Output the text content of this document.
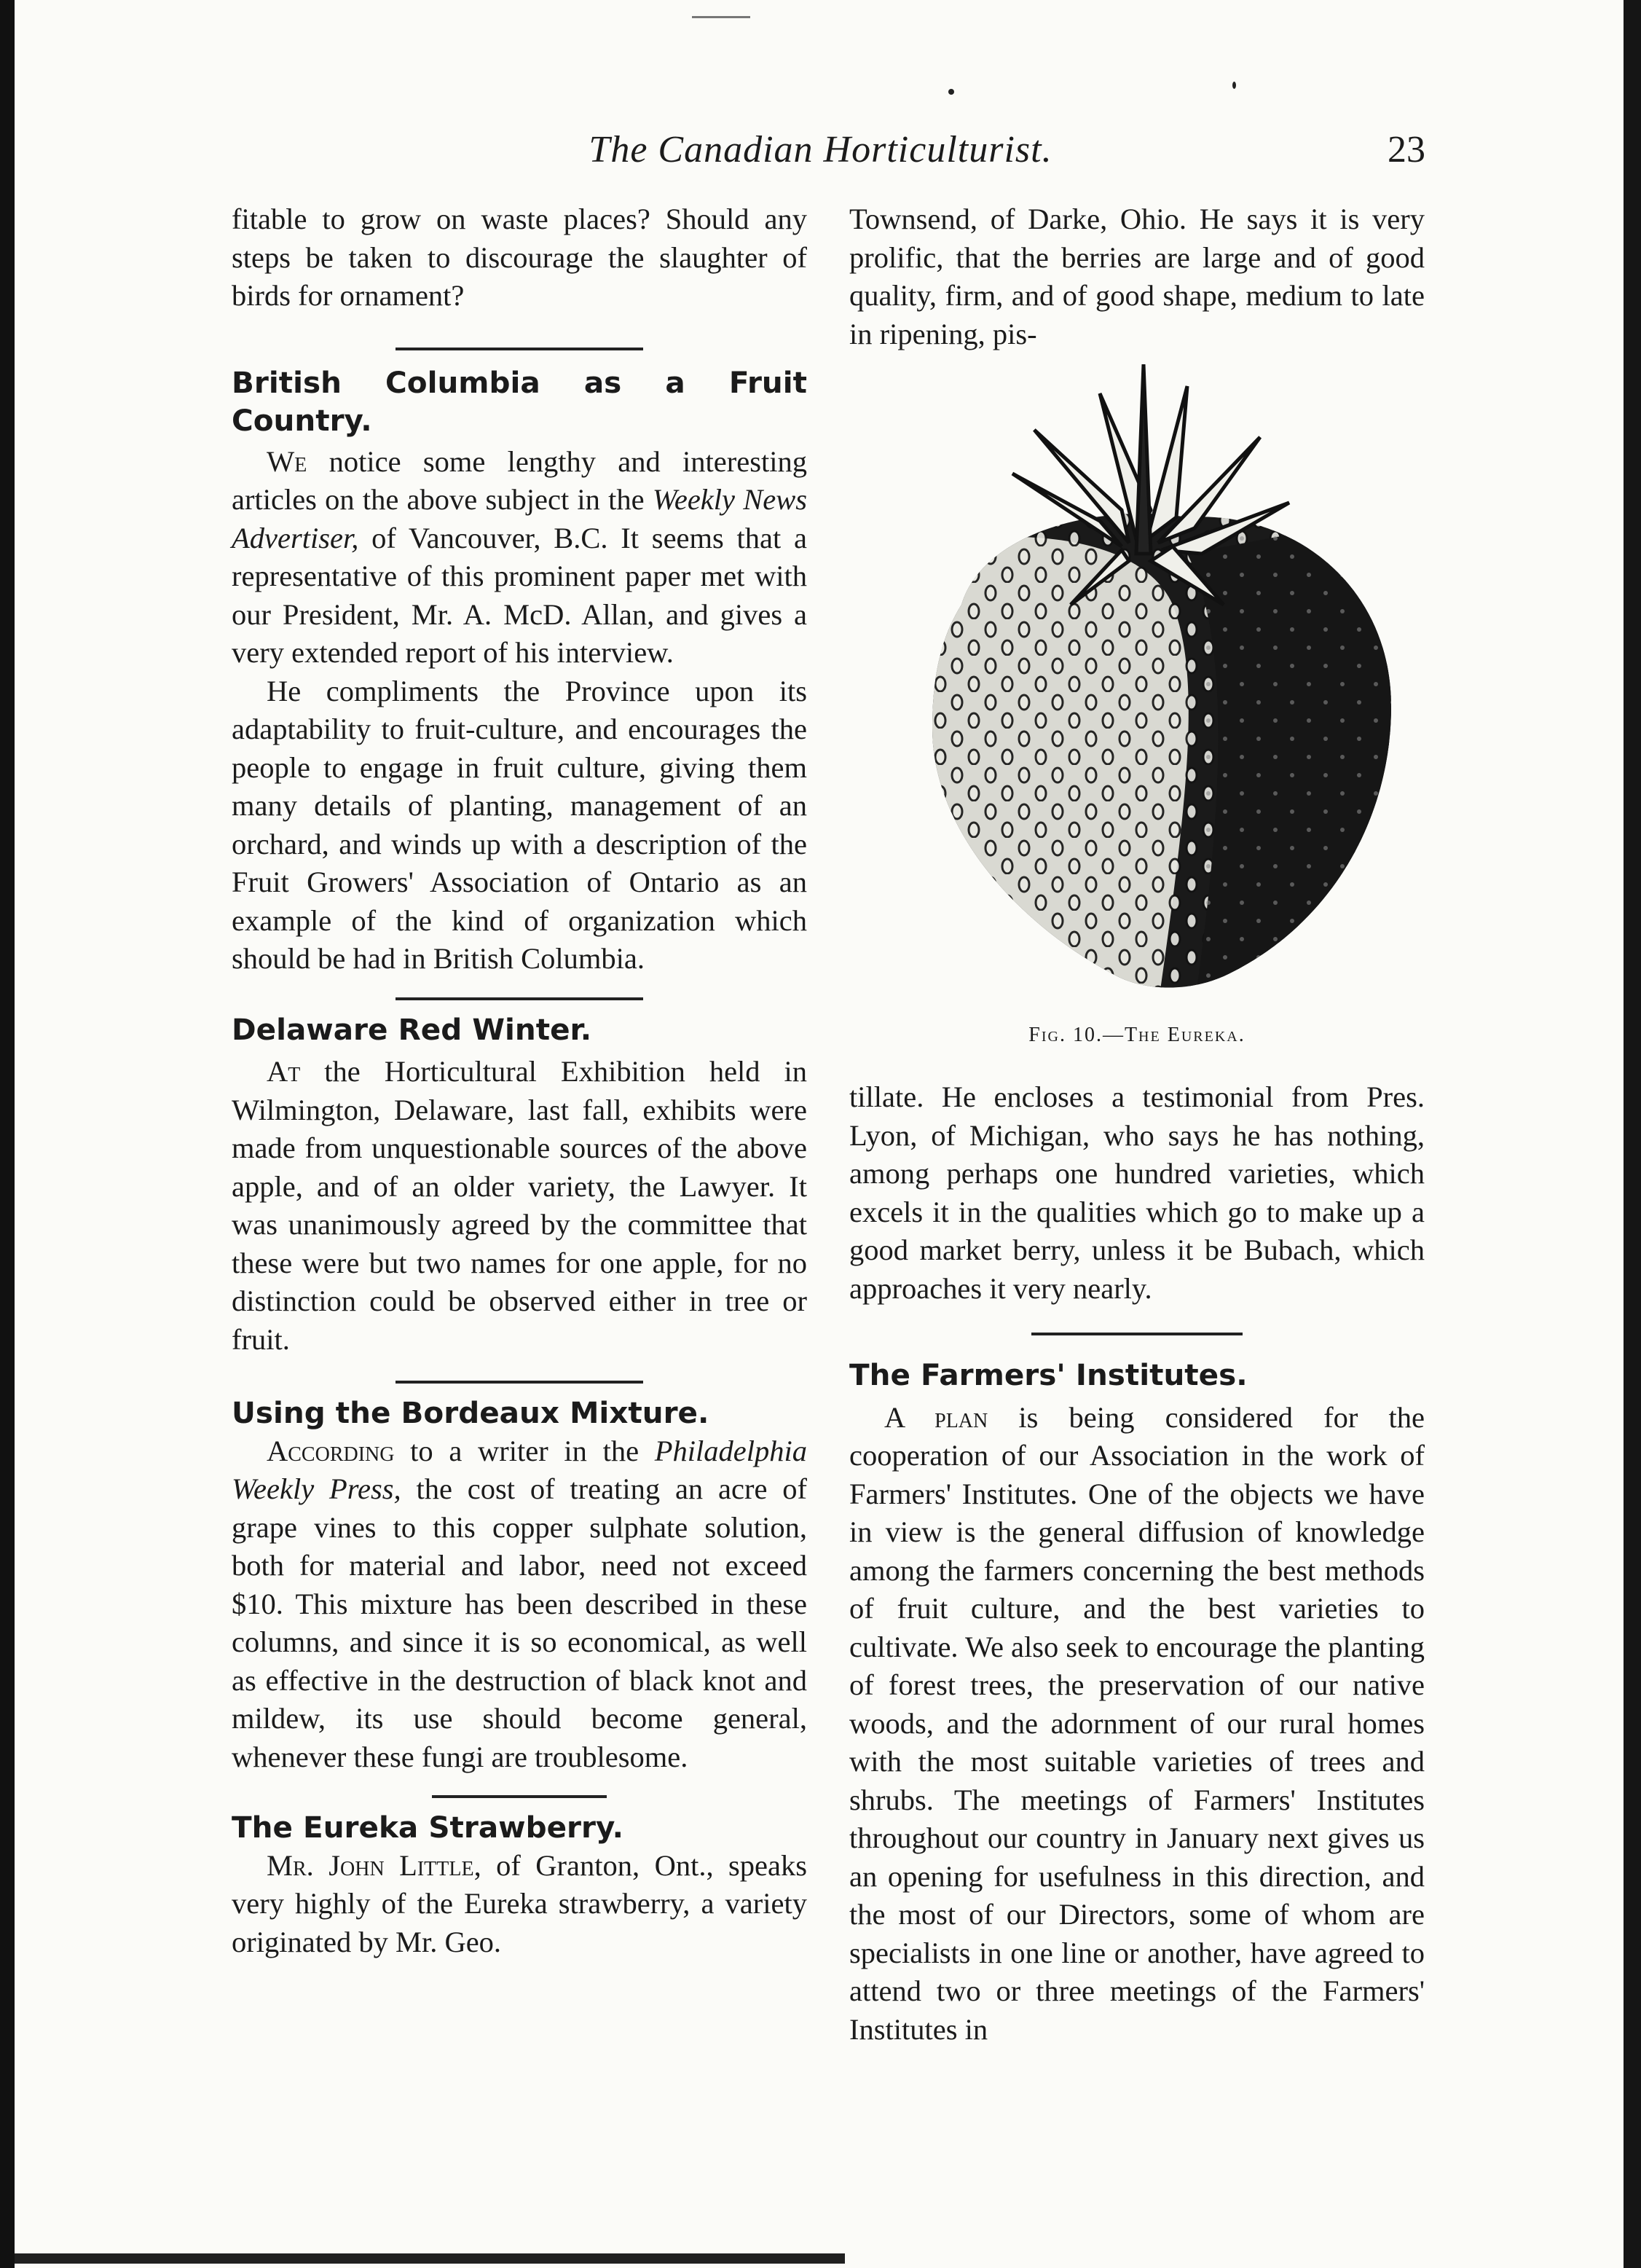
The Canadian Horticulturist.	23

fitable to grow on waste places? Should any steps be taken to discourage the slaughter of birds for ornament?

British Columbia as a Fruit Country.

We notice some lengthy and interesting articles on the above subject in the Weekly News Advertiser, of Vancouver, B.C. It seems that a representative of this prominent paper met with our President, Mr. A. McD. Allan, and gives a very extended report of his interview.

He compliments the Province upon its adaptability to fruit-culture, and encourages the people to engage in fruit culture, giving them many details of planting, management of an orchard, and winds up with a description of the Fruit Growers' Association of Ontario as an example of the kind of organization which should be had in British Columbia.

Delaware Red Winter.

At the Horticultural Exhibition held in Wilmington, Delaware, last fall, exhibits were made from unquestionable sources of the above apple, and of an older variety, the Lawyer. It was unanimously agreed by the committee that these were but two names for one apple, for no distinction could be observed either in tree or fruit.

Using the Bordeaux Mixture.

According to a writer in the Philadelphia Weekly Press, the cost of treating an acre of grape vines to this copper sulphate solution, both for material and labor, need not exceed $10. This mixture has been described in these columns, and since it is so economical, as well as effective in the destruction of black knot and mildew, its use should become general, whenever these fungi are troublesome.

The Eureka Strawberry.

Mr. John Little, of Granton, Ont., speaks very highly of the Eureka strawberry, a variety originated by Mr. Geo.

Townsend, of Darke, Ohio. He says it is very prolific, that the berries are large and of good quality, firm, and of good shape, medium to late in ripening, pis-

Fig. 10.—The Eureka.

tillate. He encloses a testimonial from Pres. Lyon, of Michigan, who says he has nothing, among perhaps one hundred varieties, which excels it in the qualities which go to make up a good market berry, unless it be Bubach, which approaches it very nearly.

The Farmers' Institutes.

A plan is being considered for the cooperation of our Association in the work of Farmers' Institutes. One of the objects we have in view is the general diffusion of knowledge among the farmers concerning the best methods of fruit culture, and the best varieties to cultivate. We also seek to encourage the planting of forest trees, the preservation of our native woods, and the adornment of our rural homes with the most suitable varieties of trees and shrubs. The meetings of Farmers' Institutes throughout our country in January next gives us an opening for usefulness in this direction, and the most of our Directors, some of whom are specialists in one line or another, have agreed to attend two or three meetings of the Farmers' Institutes in
